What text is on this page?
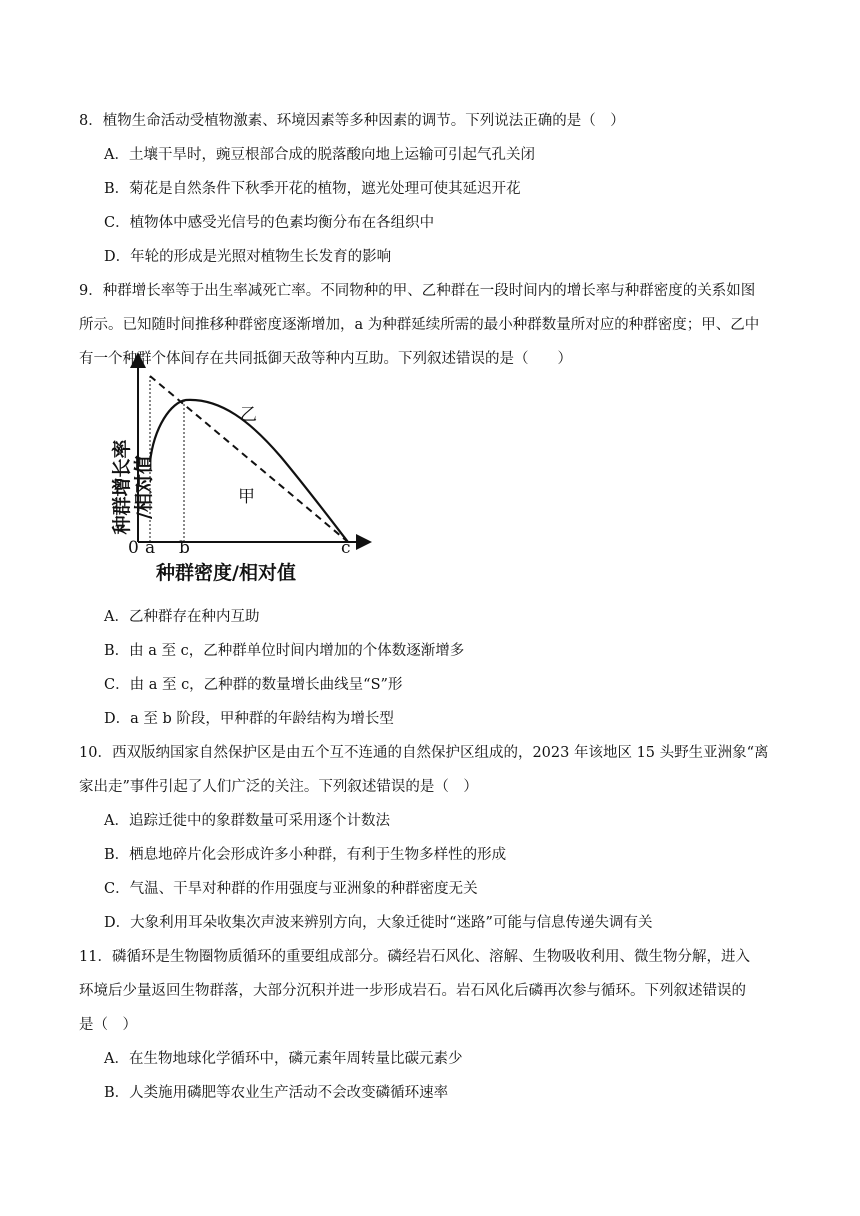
8．植物生命活动受植物激素、环境因素等多种因素的调节。下列说法正确的是（　）
A．土壤干旱时，豌豆根部合成的脱落酸向地上运输可引起气孔关闭
B．菊花是自然条件下秋季开花的植物，遮光处理可使其延迟开花
C．植物体中感受光信号的色素均衡分布在各组织中
D．年轮的形成是光照对植物生长发育的影响
9．种群增长率等于出生率减死亡率。不同物种的甲、乙种群在一段时间内的增长率与种群密度的关系如图
所示。已知随时间推移种群密度逐渐增加，a 为种群延续所需的最小种群数量所对应的种群密度；甲、乙中
有一个种群个体间存在共同抵御天敌等种内互助。下列叙述错误的是（　　）
种群增长率 /相对值
0 a b	c
乙
甲
种群密度/相对值
A．乙种群存在种内互助
B．由 a 至 c，乙种群单位时间内增加的个体数逐渐增多
C．由 a 至 c，乙种群的数量增长曲线呈“S”形
D．a 至 b 阶段，甲种群的年龄结构为增长型
10．西双版纳国家自然保护区是由五个互不连通的自然保护区组成的，2023 年该地区 15 头野生亚洲象“离
家出走”事件引起了人们广泛的关注。下列叙述错误的是（　）
A．追踪迁徙中的象群数量可采用逐个计数法
B．栖息地碎片化会形成许多小种群，有利于生物多样性的形成
C．气温、干旱对种群的作用强度与亚洲象的种群密度无关
D．大象利用耳朵收集次声波来辨别方向，大象迁徙时“迷路”可能与信息传递失调有关
11．磷循环是生物圈物质循环的重要组成部分。磷经岩石风化、溶解、生物吸收利用、微生物分解，进入
环境后少量返回生物群落，大部分沉积并进一步形成岩石。岩石风化后磷再次参与循环。下列叙述错误的
是（　）
A．在生物地球化学循环中，磷元素年周转量比碳元素少
B．人类施用磷肥等农业生产活动不会改变磷循环速率
